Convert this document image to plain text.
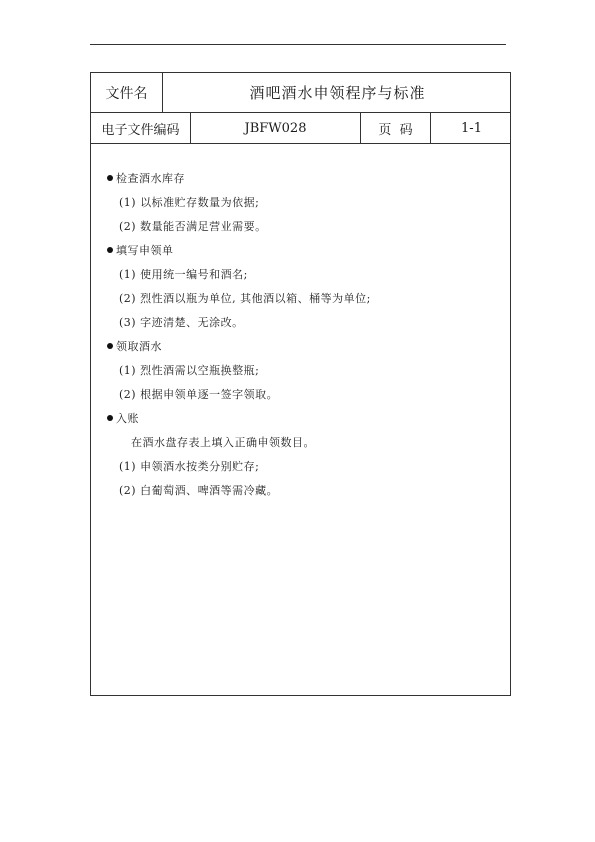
文件名	酒吧酒水申领程序与标准
电子文件编码	JBFW028	页  码	1-1
检查酒水库存
(1) 以标准贮存数量为依据;
(2) 数量能否满足营业需要。
填写申领单
(1) 使用统一编号和酒名;
(2) 烈性酒以瓶为单位, 其他酒以箱、桶等为单位;
(3) 字迹清楚、无涂改。
领取酒水
(1) 烈性酒需以空瓶换整瓶;
(2) 根据申领单逐一签字领取。
入账
在酒水盘存表上填入正确申领数目。
(1) 申领酒水按类分别贮存;
(2) 白葡萄酒、啤酒等需冷藏。
